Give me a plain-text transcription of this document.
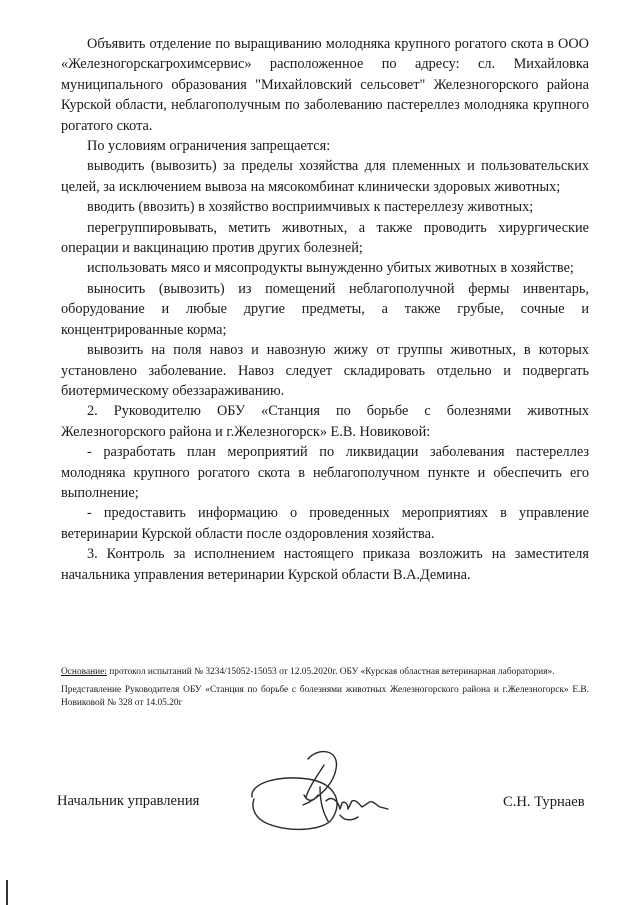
Объявить отделение по выращиванию молодняка крупного рогатого скота в ООО «Железногорскагрохимсервис» расположенное по адресу: сл. Михайловка муниципального образования "Михайловский сельсовет" Железногорского района Курской области, неблагополучным по заболеванию пастереллез молодняка крупного рогатого скота.

По условиям ограничения запрещается:

выводить (вывозить) за пределы хозяйства для племенных и пользовательских целей, за исключением вывоза на мясокомбинат клинически здоровых животных;

вводить (ввозить) в хозяйство восприимчивых к пастереллезу животных;

перегруппировывать, метить животных, а также проводить хирургические операции и вакцинацию против других болезней;

использовать мясо и мясопродукты вынужденно убитых животных в хозяйстве;

выносить (вывозить) из помещений неблагополучной фермы инвентарь, оборудование и любые другие предметы, а также грубые, сочные и концентрированные корма;

вывозить на поля навоз и навозную жижу от группы животных, в которых установлено заболевание. Навоз следует складировать отдельно и подвергать биотермическому обеззараживанию.

2. Руководителю ОБУ «Станция по борьбе с болезнями животных Железногорского района и г.Железногорск» Е.В. Новиковой:

- разработать план мероприятий по ликвидации заболевания пастереллез молодняка крупного рогатого скота в неблагополучном пункте и обеспечить его выполнение;

- предоставить информацию о проведенных мероприятиях в управление ветеринарии Курской области после оздоровления хозяйства.

3. Контроль за исполнением настоящего приказа возложить на заместителя начальника управления ветеринарии Курской области В.А.Демина.

Основание: протокол испытаний № 3234/15052-15053 от 12.05.2020г. ОБУ «Курская областная ветеринарная лаборатория».

Представление Руководителя ОБУ «Станция по борьбе с болезнями животных Железногорского района и г.Железногорск» Е.В. Новиковой № 328 от 14.05.20г

Начальник управления	С.Н. Турнаев
